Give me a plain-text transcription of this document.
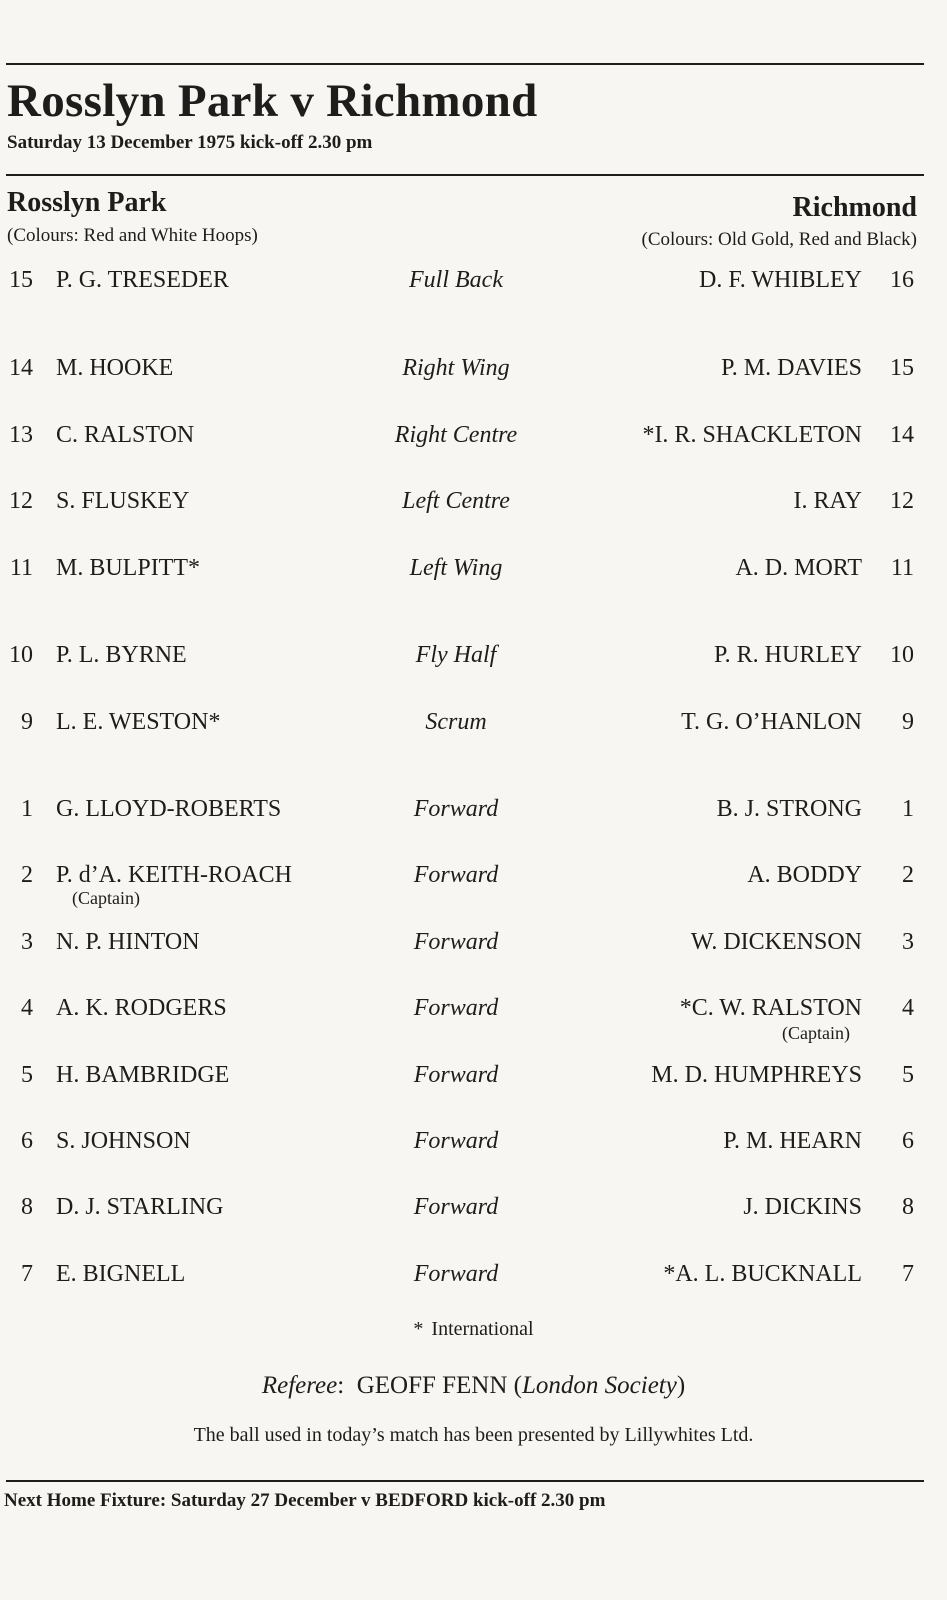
Rosslyn Park v Richmond
Saturday 13 December 1975 kick-off 2.30 pm
Rosslyn Park
(Colours: Red and White Hoops)
Richmond
(Colours: Old Gold, Red and Black)
15 P. G. TRESEDER	Full Back	D. F. WHIBLEY 16
14 M. HOOKE	Right Wing	P. M. DAVIES 15
13 C. RALSTON	Right Centre	*I. R. SHACKLETON 14
12 S. FLUSKEY	Left Centre	I. RAY 12
11 M. BULPITT*	Left Wing	A. D. MORT 11
10 P. L. BYRNE	Fly Half	P. R. HURLEY 10
9 L. E. WESTON*	Scrum	T. G. O’HANLON	9
1 G. LLOYD-ROBERTS	Forward	B. J. STRONG	1
2 P. d’A. KEITH-ROACH	Forward	A. BODDY	2
(Captain)
3 N. P. HINTON	Forward	W. DICKENSON	3
4 A. K. RODGERS	Forward	*C. W. RALSTON	4
(Captain)
5 H. BAMBRIDGE	Forward	M. D. HUMPHREYS	5
6 S. JOHNSON	Forward	P. M. HEARN	6
8 D. J. STARLING	Forward	J. DICKINS	8
7 E. BIGNELL	Forward	*A. L. BUCKNALL	7
* International
Referee:  GEOFF FENN (London Society)
The ball used in today’s match has been presented by Lillywhites Ltd.
Next Home Fixture: Saturday 27 December v BEDFORD kick-off 2.30 pm
